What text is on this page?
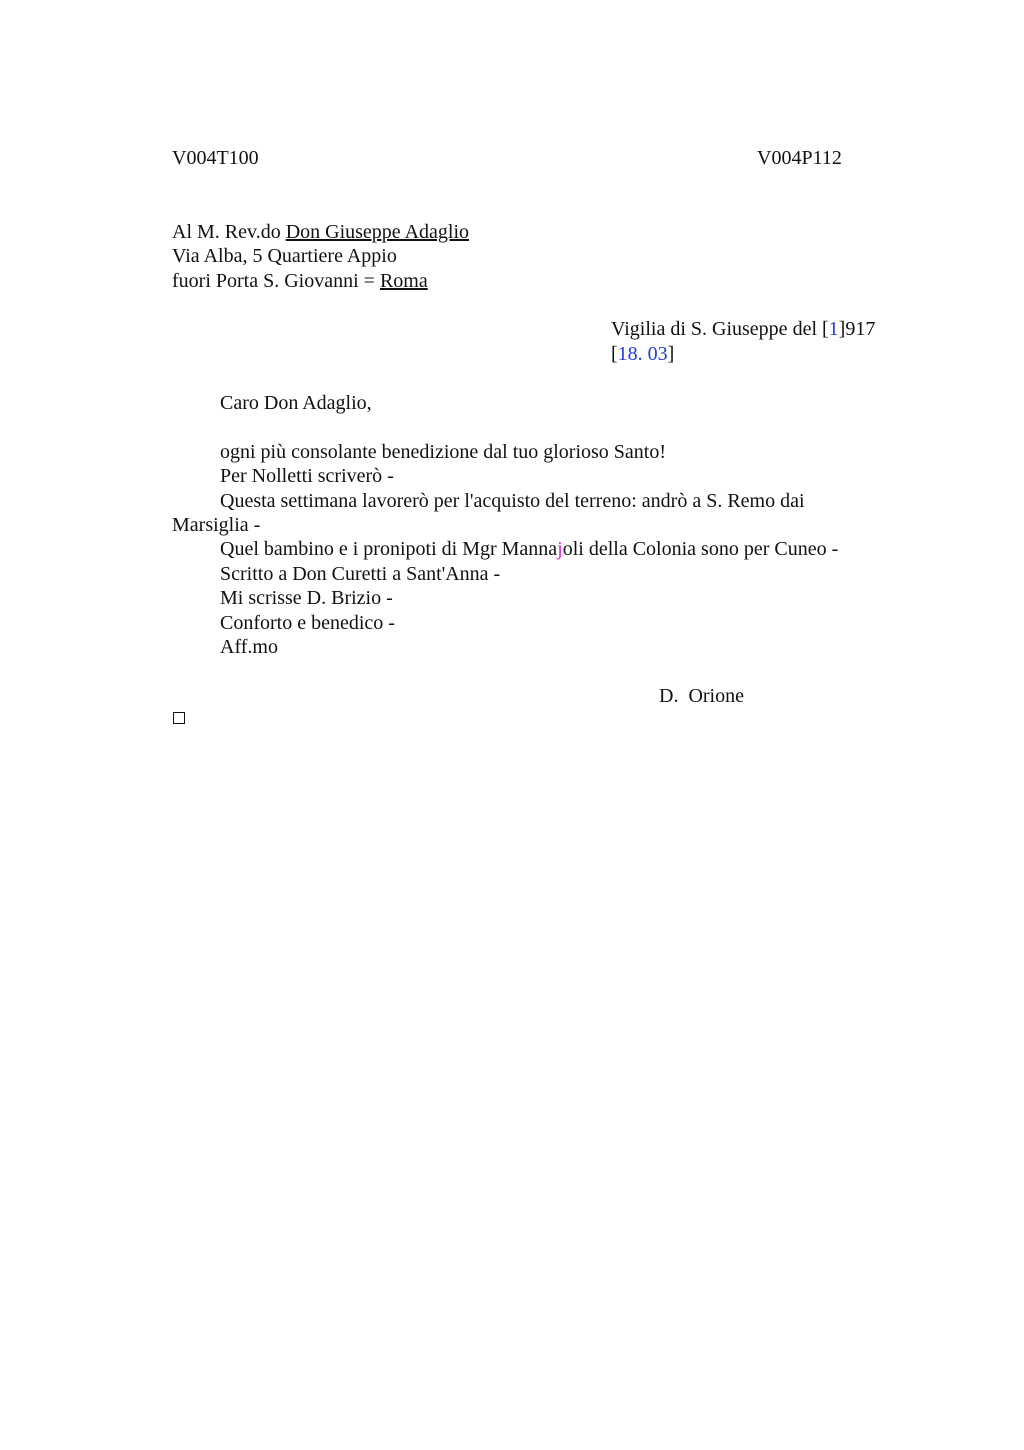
V004T100	V004P112
Al M. Rev.do Don Giuseppe Adaglio
Via Alba, 5 Quartiere Appio
fuori Porta S. Giovanni = Roma
Vigilia di S. Giuseppe del [1]917
[18. 03]
Caro Don Adaglio,
ogni più consolante benedizione dal tuo glorioso Santo!
Per Nolletti scriverò -
Questa settimana lavorerò per l'acquisto del terreno: andrò a S. Remo dai
Marsiglia -
Quel bambino e i pronipoti di Mgr Mannajoli della Colonia sono per Cuneo -
Scritto a Don Curetti a Sant'Anna -
Mi scrisse D. Brizio -
Conforto e benedico -
Aff.mo
D.  Orione
